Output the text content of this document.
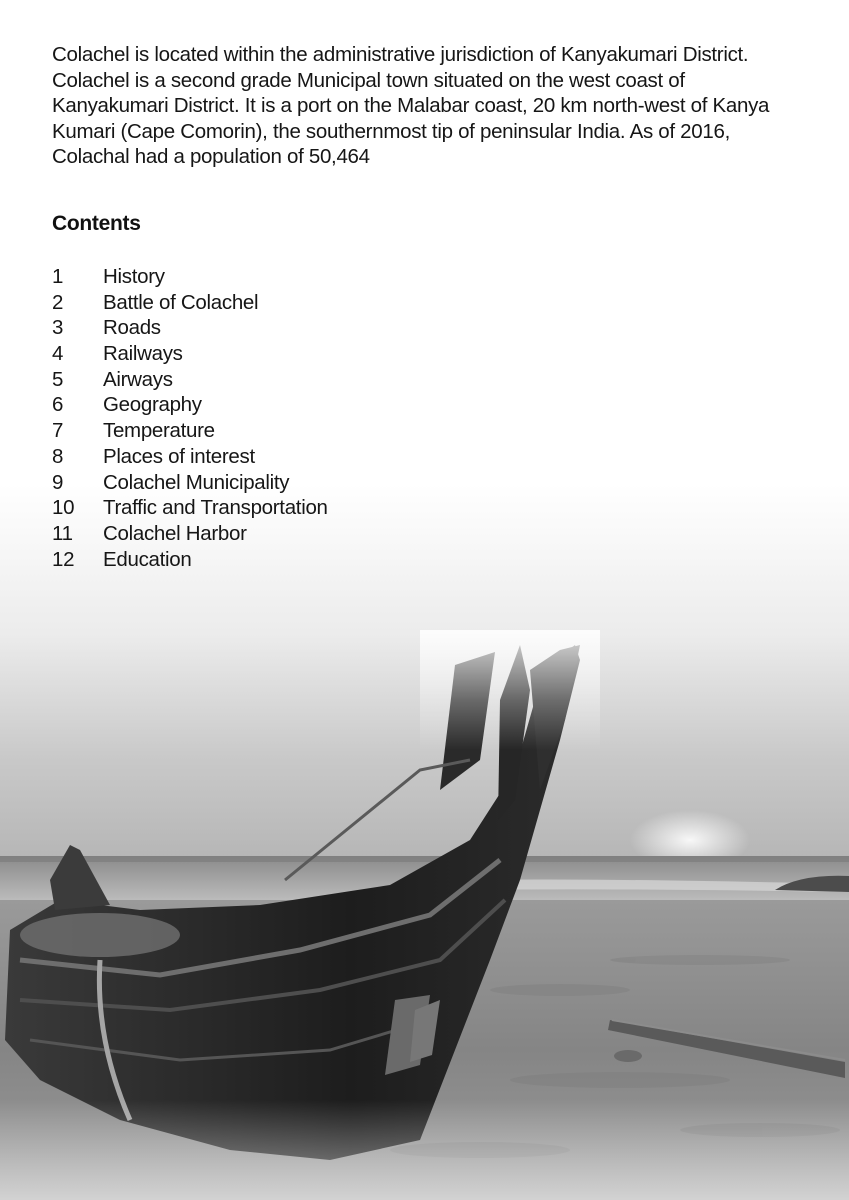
Colachel is located within the administrative jurisdiction of Kanyakumari District. Colachel is a second grade Municipal town situated on the west coast of Kanyakumari District. It is a port on the Malabar coast, 20 km north-west of Kanya Kumari (Cape Comorin), the southernmost tip of peninsular India. As of 2016, Colachal had a population of 50,464

Contents
1 History
2 Battle of Colachel
3 Roads
4 Railways
5 Airways
6 Geography
7 Temperature
8 Places of interest
9 Colachel Municipality
10 Traffic and Transportation
11 Colachel Harbor
12 Education
